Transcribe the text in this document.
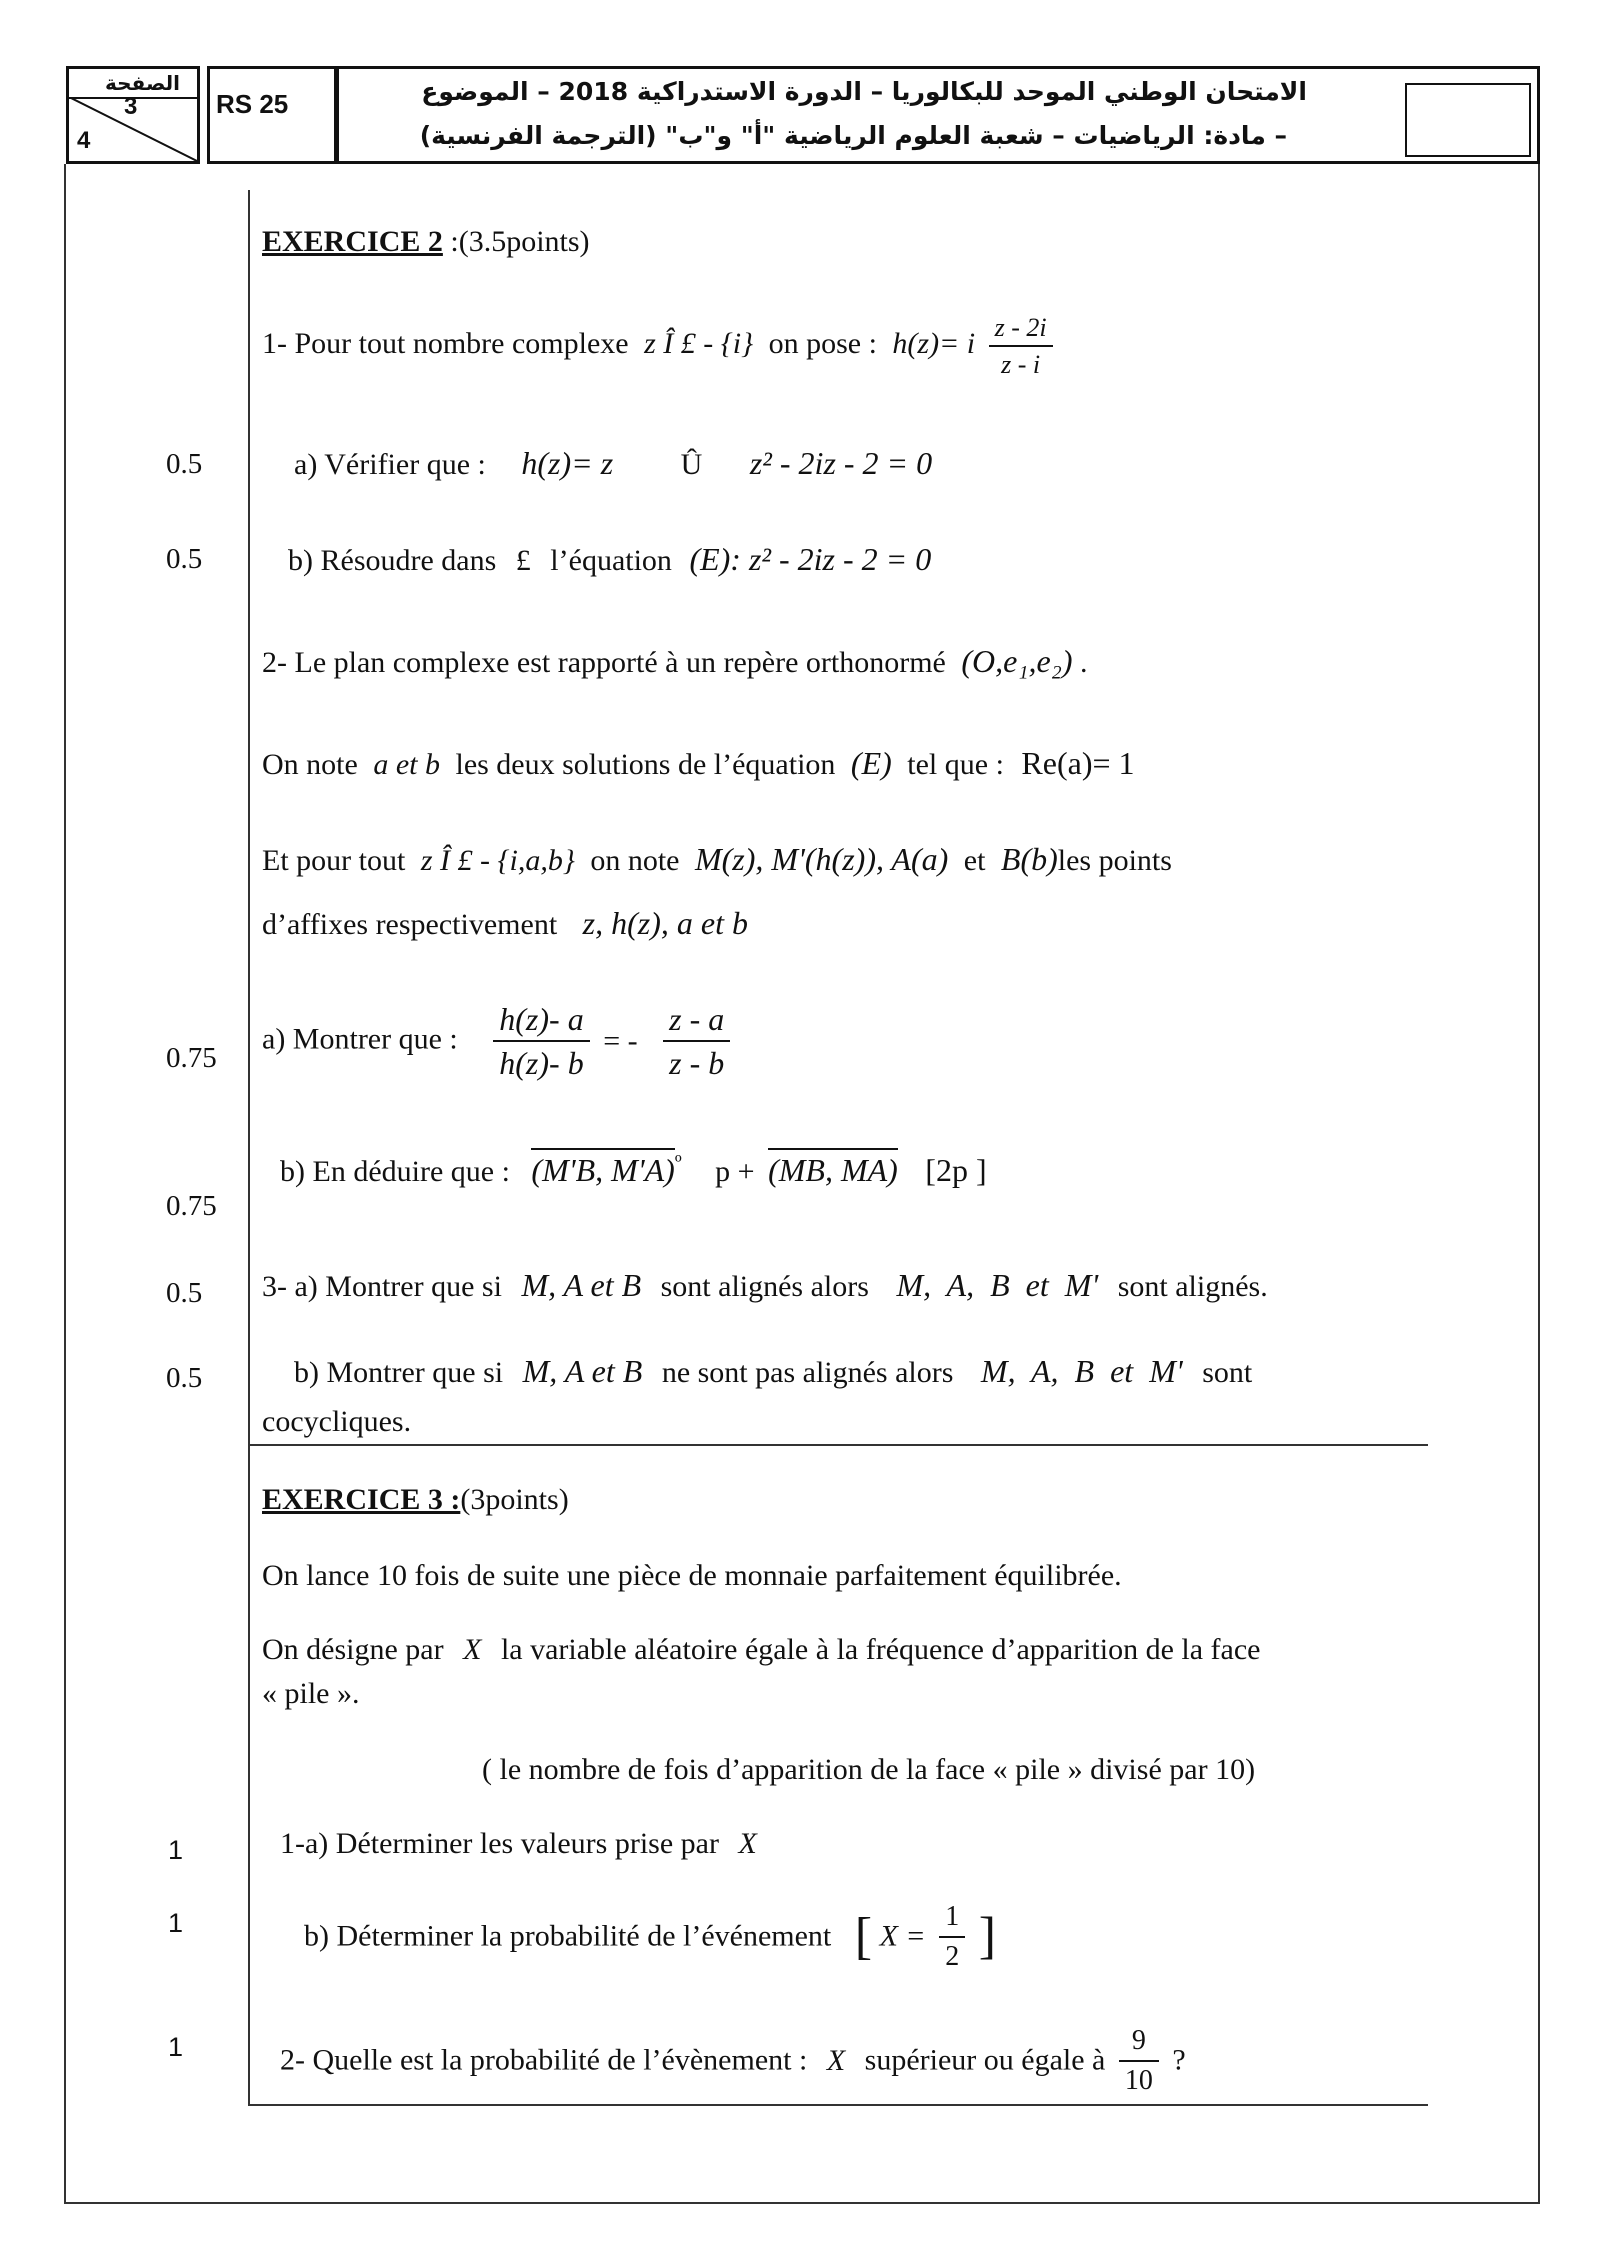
الصفحة
3
4
RS 25	الامتحان الوطني الموحد للبكالوريا – الدورة الاستدراكية 2018 – الموضوع
– مادة: الرياضيات – شعبة العلوم الرياضية "أ" و"ب" (الترجمة الفرنسية)
0.5
0.5
0.75
0.75
0.5
0.5
1
1
1
EXERCICE 2 :(3.5points)
1- Pour tout nombre complexe z Î £ - {i} on pose : h(z)= i $\frac{z - 2i}{z - i}$
a) Vérifier que : h(z)= z Û z² - 2iz - 2 = 0
b) Résoudre dans £ l’équation (E): z² - 2iz - 2 = 0
2- Le plan complexe est rapporté à un repère orthonormé (O,e₁,e₂) .
On note a et b les deux solutions de l’équation (E) tel que : Re(a)= 1
Et pour tout z Î £ - {i,a,b} on note M(z), M'(h(z)), A(a) et B(b)les points
d’affixes respectivement z, h(z), a et b
a) Montrer que : $\frac{h(z)- a}{h(z)- b}$ = - $\frac{z - a}{z - b}$
b) En déduire que : (M'B, M'A)$^º$ p + (MB, MA) [2p ]
3- a) Montrer que si M, A et B sont alignés alors M, A, B et M' sont alignés.
b) Montrer que si M, A et B ne sont pas alignés alors M, A, B et M' sont
cocycliques.
EXERCICE 3 :(3points)
On lance 10 fois de suite une pièce de monnaie parfaitement équilibrée.
On désigne par X la variable aléatoire égale à la fréquence d’apparition de la face
« pile ».
( le nombre de fois d’apparition de la face « pile » divisé par 10)
1-a) Déterminer les valeurs prise par X
b) Déterminer la probabilité de l’événement [ $X = \frac{1}{2}$ ]
2- Quelle est la probabilité de l’évènement : X supérieur ou égale à $\frac{9}{10}$ ?
